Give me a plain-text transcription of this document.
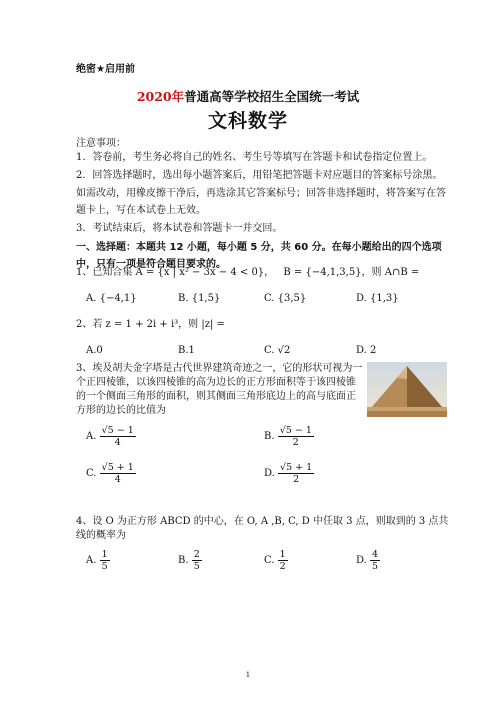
绝密★启用前
2020年普通高等学校招生全国统一考试
文科数学
注意事项：
1．答卷前，考生务必将自己的姓名、考生号等填写在答题卡和试卷指定位置上。
2．回答选择题时，选出每小题答案后，用铅笔把答题卡对应题目的答案标号涂黑。如需改动，用橡皮擦干净后，再选涂其它答案标号；回答非选择题时，将答案写在答题卡上，写在本试卷上无效。
3．考试结束后，将本试卷和答题卡一并交回。
一、选择题：本题共 12 小题，每小题 5 分，共 60 分。在每小题给出的四个选项中，只有一项是符合题目要求的。
1、已知合集 A = {x | x² − 3x − 4 < 0}， B = {−4,1,3,5}，则 A∩B =
A. {−4,1}	B. {1,5}	C. {3,5}	D. {1,3}
2、若 z = 1 + 2i + i³，则 |z| =
A.0	B.1	C. √2	D. 2
3、埃及胡夫金字塔是古代世界建筑奇迹之一，它的形状可视为一个正四棱锥，以该四棱锥的高为边长的正方形面积等于该四棱锥的一个侧面三角形的面积，则其侧面三角形底边上的高与底面正方形的边长的比值为
A. $\frac{√5 - 1}{4}$	B. $\frac{√5 - 1}{2}$
C. $\frac{√5 + 1}{4}$	D. $\frac{√5 + 1}{2}$
4、设 O 为正方形 ABCD 的中心，在 O, A ,B, C, D 中任取 3 点，则取到的 3 点共线的概率为
A. $\frac{1}{5}$	B. $\frac{2}{5}$	C. $\frac{1}{2}$	D. $\frac{4}{5}$
1
